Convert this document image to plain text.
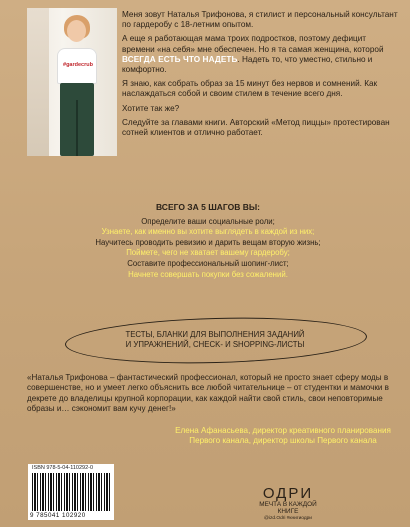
#gardecrub

Меня зовут Наталья Трифонова, я стилист и персональный консультант по гардеробу с 18-летним опытом.

А еще я работающая мама троих подростков, поэтому дефицит времени «на себя» мне обеспечен. Но я та самая женщина, которой ВСЕГДА ЕСТЬ ЧТО НАДЕТЬ. Надеть то, что уместно, стильно и комфортно.

Я знаю, как собрать образ за 15 минут без нервов и сомнений. Как наслаждаться собой и своим стилем в течение всего дня.

Хотите так же?

Следуйте за главами книги. Авторский «Метод пиццы» протестирован сотней клиентов и отлично работает.

ВСЕГО ЗА 5 ШАГОВ ВЫ:
Определите ваши социальные роли;
Узнаете, как именно вы хотите выглядеть в каждой из них;
Научитесь проводить ревизию и дарить вещам вторую жизнь;
Поймете, чего не хватает вашему гардеробу;
Составите профессиональный шопинг-лист;
Начнете совершать покупки без сожалений.
ТЕСТЫ, БЛАНКИ ДЛЯ ВЫПОЛНЕНИЯ ЗАДАНИЙ
И УПРАЖНЕНИЙ, CHECK- И SHOPPING-ЛИСТЫ
«Наталья Трифонова – фантастический профессионал, который не просто знает сферу моды в совершенстве, но и умеет легко объяснить все любой читательнице – от студентки и мамочки в декрете до владелицы крупной корпорации, как каждой найти свой стиль, свои неповторимые образы и… сэкономит вам кучу денег!»
Елена Афанасьева, директор креативного планирования
Первого канала, директор школы Первого канала
ISBN 978-5-04-110292-0
9 785041 102920
ОДРИ
МЕЧТА В КАЖДОЙ
КНИГЕ
@izd.Odri #книгиодри
